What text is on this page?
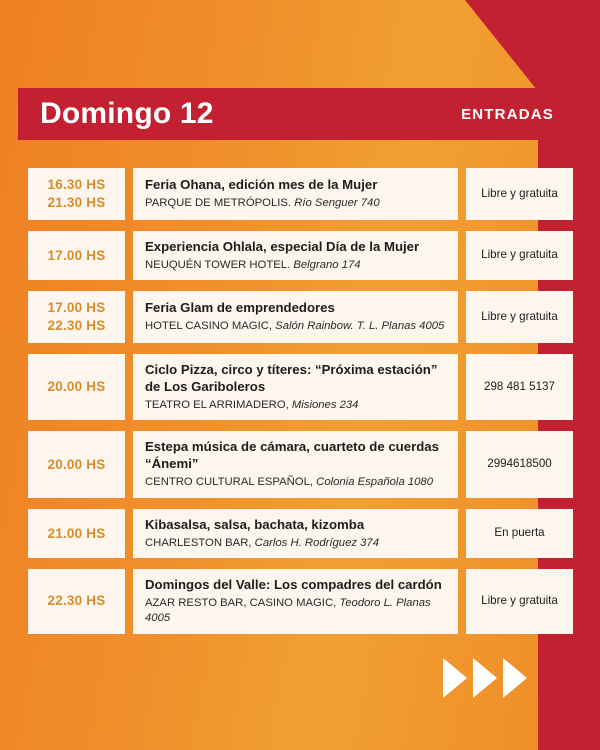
Domingo 12	ENTRADAS
16.30 HS
21.30 HS
Feria Ohana, edición mes de la Mujer
PARQUE DE METRÓPOLIS. Río Senguer 740
Libre y gratuita
17.00 HS
Experiencia Ohlala, especial Día de la Mujer
NEUQUÉN TOWER HOTEL. Belgrano 174
Libre y gratuita
17.00 HS
22.30 HS
Feria Glam de emprendedores
HOTEL CASINO MAGIC, Salón Rainbow. T. L. Planas 4005
Libre y gratuita
20.00 HS
Ciclo Pizza, circo y títeres: “Próxima estación” de Los Gariboleros
TEATRO EL ARRIMADERO, Misiones 234
298 481 5137
20.00 HS
Estepa música de cámara, cuarteto de cuerdas “Ánemi”
CENTRO CULTURAL ESPAÑOL, Colonia Española 1080
2994618500
21.00 HS
Kibasalsa, salsa, bachata, kizomba
CHARLESTON BAR, Carlos H. Rodríguez 374
En puerta
22.30 HS
Domingos del Valle: Los compadres del cardón
AZAR RESTO BAR, CASINO MAGIC, Teodoro L. Planas 4005
Libre y gratuita
